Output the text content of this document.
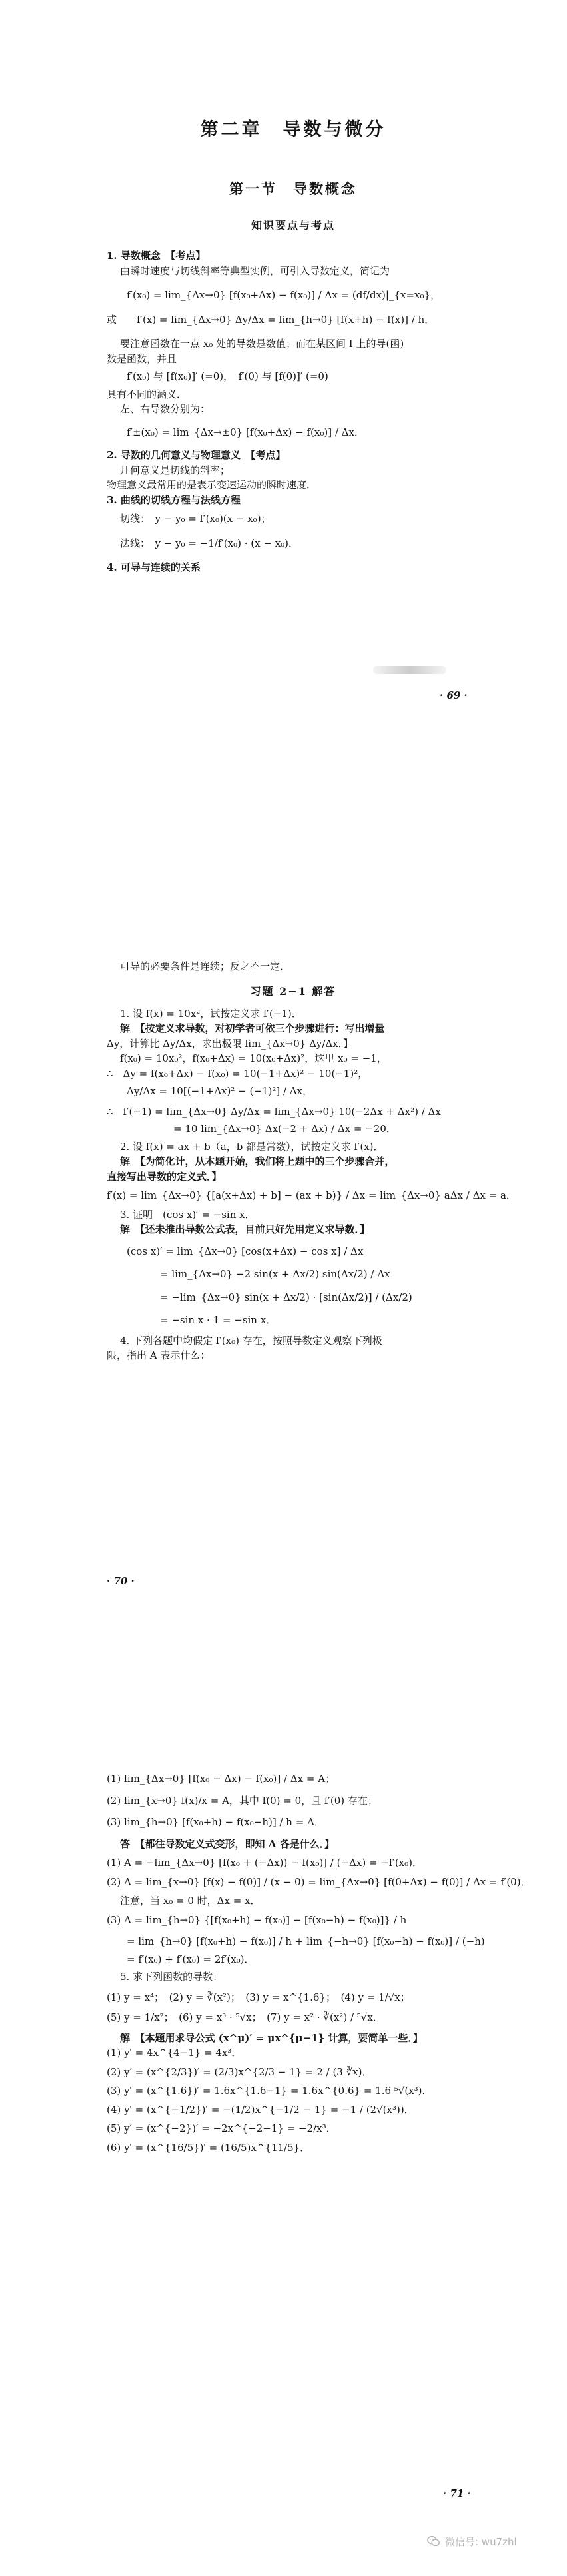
第二章　导数与微分

第一节　导数概念

知识要点与考点

1. 导数概念　【考点】

由瞬时速度与切线斜率等典型实例，可引入导数定义，简记为

f′(x₀) = lim_{Δx→0} [f(x₀+Δx) − f(x₀)] / Δx = (df/dx)|_{x=x₀}，

或　　f′(x) = lim_{Δx→0} Δy/Δx = lim_{h→0} [f(x+h) − f(x)] / h．

要注意函数在一点 x₀ 处的导数是数值；而在某区间 I 上的导(函)

数是函数，并且

f′(x₀) 与 [f(x₀)]′ (=0)，　f′(0) 与 [f(0)]′ (=0)

具有不同的涵义．

左、右导数分别为：

f′±(x₀) = lim_{Δx→±0} [f(x₀+Δx) − f(x₀)] / Δx．

2. 导数的几何意义与物理意义　【考点】

几何意义是切线的斜率；

物理意义最常用的是表示变速运动的瞬时速度．

3. 曲线的切线方程与法线方程

切线：　y − y₀ = f′(x₀)(x − x₀)；

法线：　y − y₀ = −1/f′(x₀) · (x − x₀)．

4. 可导与连续的关系

· 69 ·

可导的必要条件是连续；反之不一定．

习题 2−1 解答

1. 设 f(x) = 10x²，试按定义求 f′(−1)．

解　【按定义求导数，对初学者可依三个步骤进行：写出增量

Δy，计算比 Δy/Δx，求出极限 lim_{Δx→0} Δy/Δx．】

f(x₀) = 10x₀²，f(x₀+Δx) = 10(x₀+Δx)²，这里 x₀ = −1，

∴　Δy = f(x₀+Δx) − f(x₀) = 10(−1+Δx)² − 10(−1)²，

Δy/Δx = 10[(−1+Δx)² − (−1)²] / Δx，

∴　f′(−1) = lim_{Δx→0} Δy/Δx = lim_{Δx→0} 10(−2Δx + Δx²) / Δx

= 10 lim_{Δx→0} Δx(−2 + Δx) / Δx = −20．

2. 设 f(x) = ax + b（a，b 都是常数），试按定义求 f′(x)．

解　【为简化计，从本题开始，我们将上题中的三个步骤合并，

直接写出导数的定义式．】

f′(x) = lim_{Δx→0} {[a(x+Δx) + b] − (ax + b)} / Δx = lim_{Δx→0} aΔx / Δx = a．

3. 证明　(cos x)′ = −sin x．

解　【还未推出导数公式表，目前只好先用定义求导数．】

(cos x)′ = lim_{Δx→0} [cos(x+Δx) − cos x] / Δx

= lim_{Δx→0} −2 sin(x + Δx/2) sin(Δx/2) / Δx

= −lim_{Δx→0} sin(x + Δx/2) · [sin(Δx/2)] / (Δx/2)

= −sin x · 1 = −sin x．

4. 下列各题中均假定 f′(x₀) 存在，按照导数定义观察下列极

限，指出 A 表示什么：

· 70 ·

(1) lim_{Δx→0} [f(x₀ − Δx) − f(x₀)] / Δx = A；

(2) lim_{x→0} f(x)/x = A，其中 f(0) = 0，且 f′(0) 存在；

(3) lim_{h→0} [f(x₀+h) − f(x₀−h)] / h = A．

答　【都往导数定义式变形，即知 A 各是什么．】

(1) A = −lim_{Δx→0} [f(x₀ + (−Δx)) − f(x₀)] / (−Δx) = −f′(x₀)．

(2) A = lim_{x→0} [f(x) − f(0)] / (x − 0) = lim_{Δx→0} [f(0+Δx) − f(0)] / Δx = f′(0)．

注意，当 x₀ = 0 时，Δx = x．

(3) A = lim_{h→0} {[f(x₀+h) − f(x₀)] − [f(x₀−h) − f(x₀)]} / h

= lim_{h→0} [f(x₀+h) − f(x₀)] / h + lim_{−h→0} [f(x₀−h) − f(x₀)] / (−h)

= f′(x₀) + f′(x₀) = 2f′(x₀)．

5. 求下列函数的导数：

(1) y = x⁴；　(2) y = ∛(x²)；　(3) y = x^{1.6}；　(4) y = 1/√x；

(5) y = 1/x²；　(6) y = x³ · ⁵√x；　(7) y = x² · ∛(x²) / ⁵√x．

解　【本题用求导公式 (x^μ)′ = μx^{μ−1} 计算，要简单一些．】

(1) y′ = 4x^{4−1} = 4x³．

(2) y′ = (x^{2/3})′ = (2/3)x^{2/3 − 1} = 2 / (3 ∛x)．

(3) y′ = (x^{1.6})′ = 1.6x^{1.6−1} = 1.6x^{0.6} = 1.6 ⁵√(x³)．

(4) y′ = (x^{−1/2})′ = −(1/2)x^{−1/2 − 1} = −1 / (2√(x³))．

(5) y′ = (x^{−2})′ = −2x^{−2−1} = −2/x³．

(6) y′ = (x^{16/5})′ = (16/5)x^{11/5}．

· 71 ·
微信号: wu7zhl
